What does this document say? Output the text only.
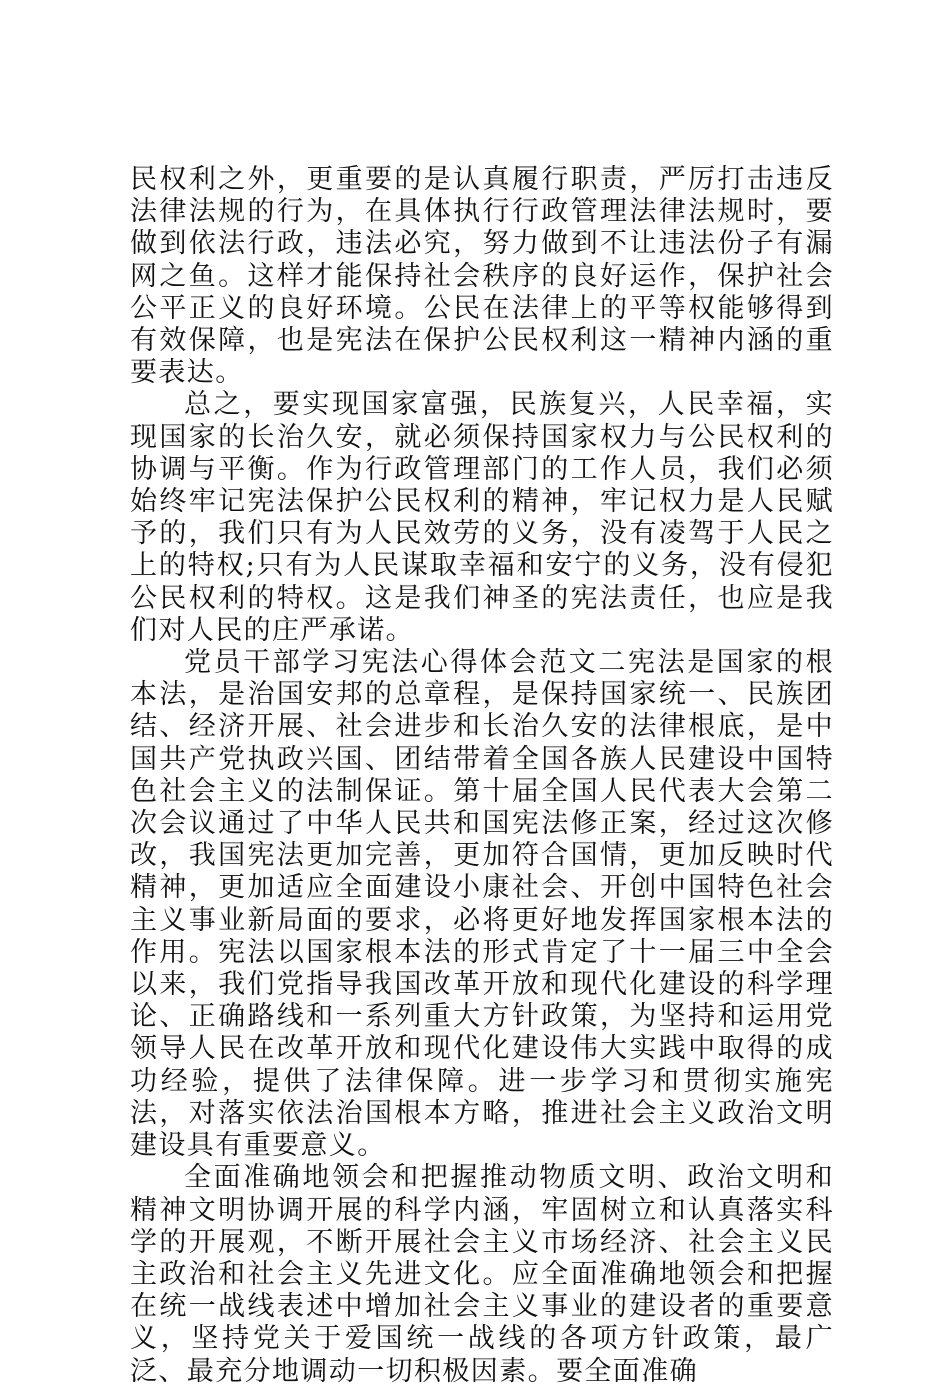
民权利之外，更重要的是认真履行职责，严厉打击违反法律法规的行为，在具体执行行政管理法律法规时，要做到依法行政，违法必究，努力做到不让违法份子有漏网之鱼。这样才能保持社会秩序的良好运作，保护社会公平正义的良好环境。公民在法律上的平等权能够得到有效保障，也是宪法在保护公民权利这一精神内涵的重要表达。

总之，要实现国家富强，民族复兴，人民幸福，实现国家的长治久安，就必须保持国家权力与公民权利的协调与平衡。作为行政管理部门的工作人员，我们必须始终牢记宪法保护公民权利的精神，牢记权力是人民赋予的，我们只有为人民效劳的义务，没有凌驾于人民之上的特权;只有为人民谋取幸福和安宁的义务，没有侵犯公民权利的特权。这是我们神圣的宪法责任，也应是我们对人民的庄严承诺。

党员干部学习宪法心得体会范文二宪法是国家的根本法，是治国安邦的总章程，是保持国家统一、民族团结、经济开展、社会进步和长治久安的法律根底，是中国共产党执政兴国、团结带着全国各族人民建设中国特色社会主义的法制保证。第十届全国人民代表大会第二次会议通过了中华人民共和国宪法修正案，经过这次修改，我国宪法更加完善，更加符合国情，更加反映时代精神，更加适应全面建设小康社会、开创中国特色社会主义事业新局面的要求，必将更好地发挥国家根本法的作用。宪法以国家根本法的形式肯定了十一届三中全会以来，我们党指导我国改革开放和现代化建设的科学理论、正确路线和一系列重大方针政策，为坚持和运用党领导人民在改革开放和现代化建设伟大实践中取得的成功经验，提供了法律保障。进一步学习和贯彻实施宪法，对落实依法治国根本方略，推进社会主义政治文明建设具有重要意义。

全面准确地领会和把握推动物质文明、政治文明和精神文明协调开展的科学内涵，牢固树立和认真落实科学的开展观，不断开展社会主义市场经济、社会主义民主政治和社会主义先进文化。应全面准确地领会和把握在统一战线表述中增加社会主义事业的建设者的重要意义，坚持党关于爱国统一战线的各项方针政策，最广泛、最充分地调动一切积极因素。要全面准确
